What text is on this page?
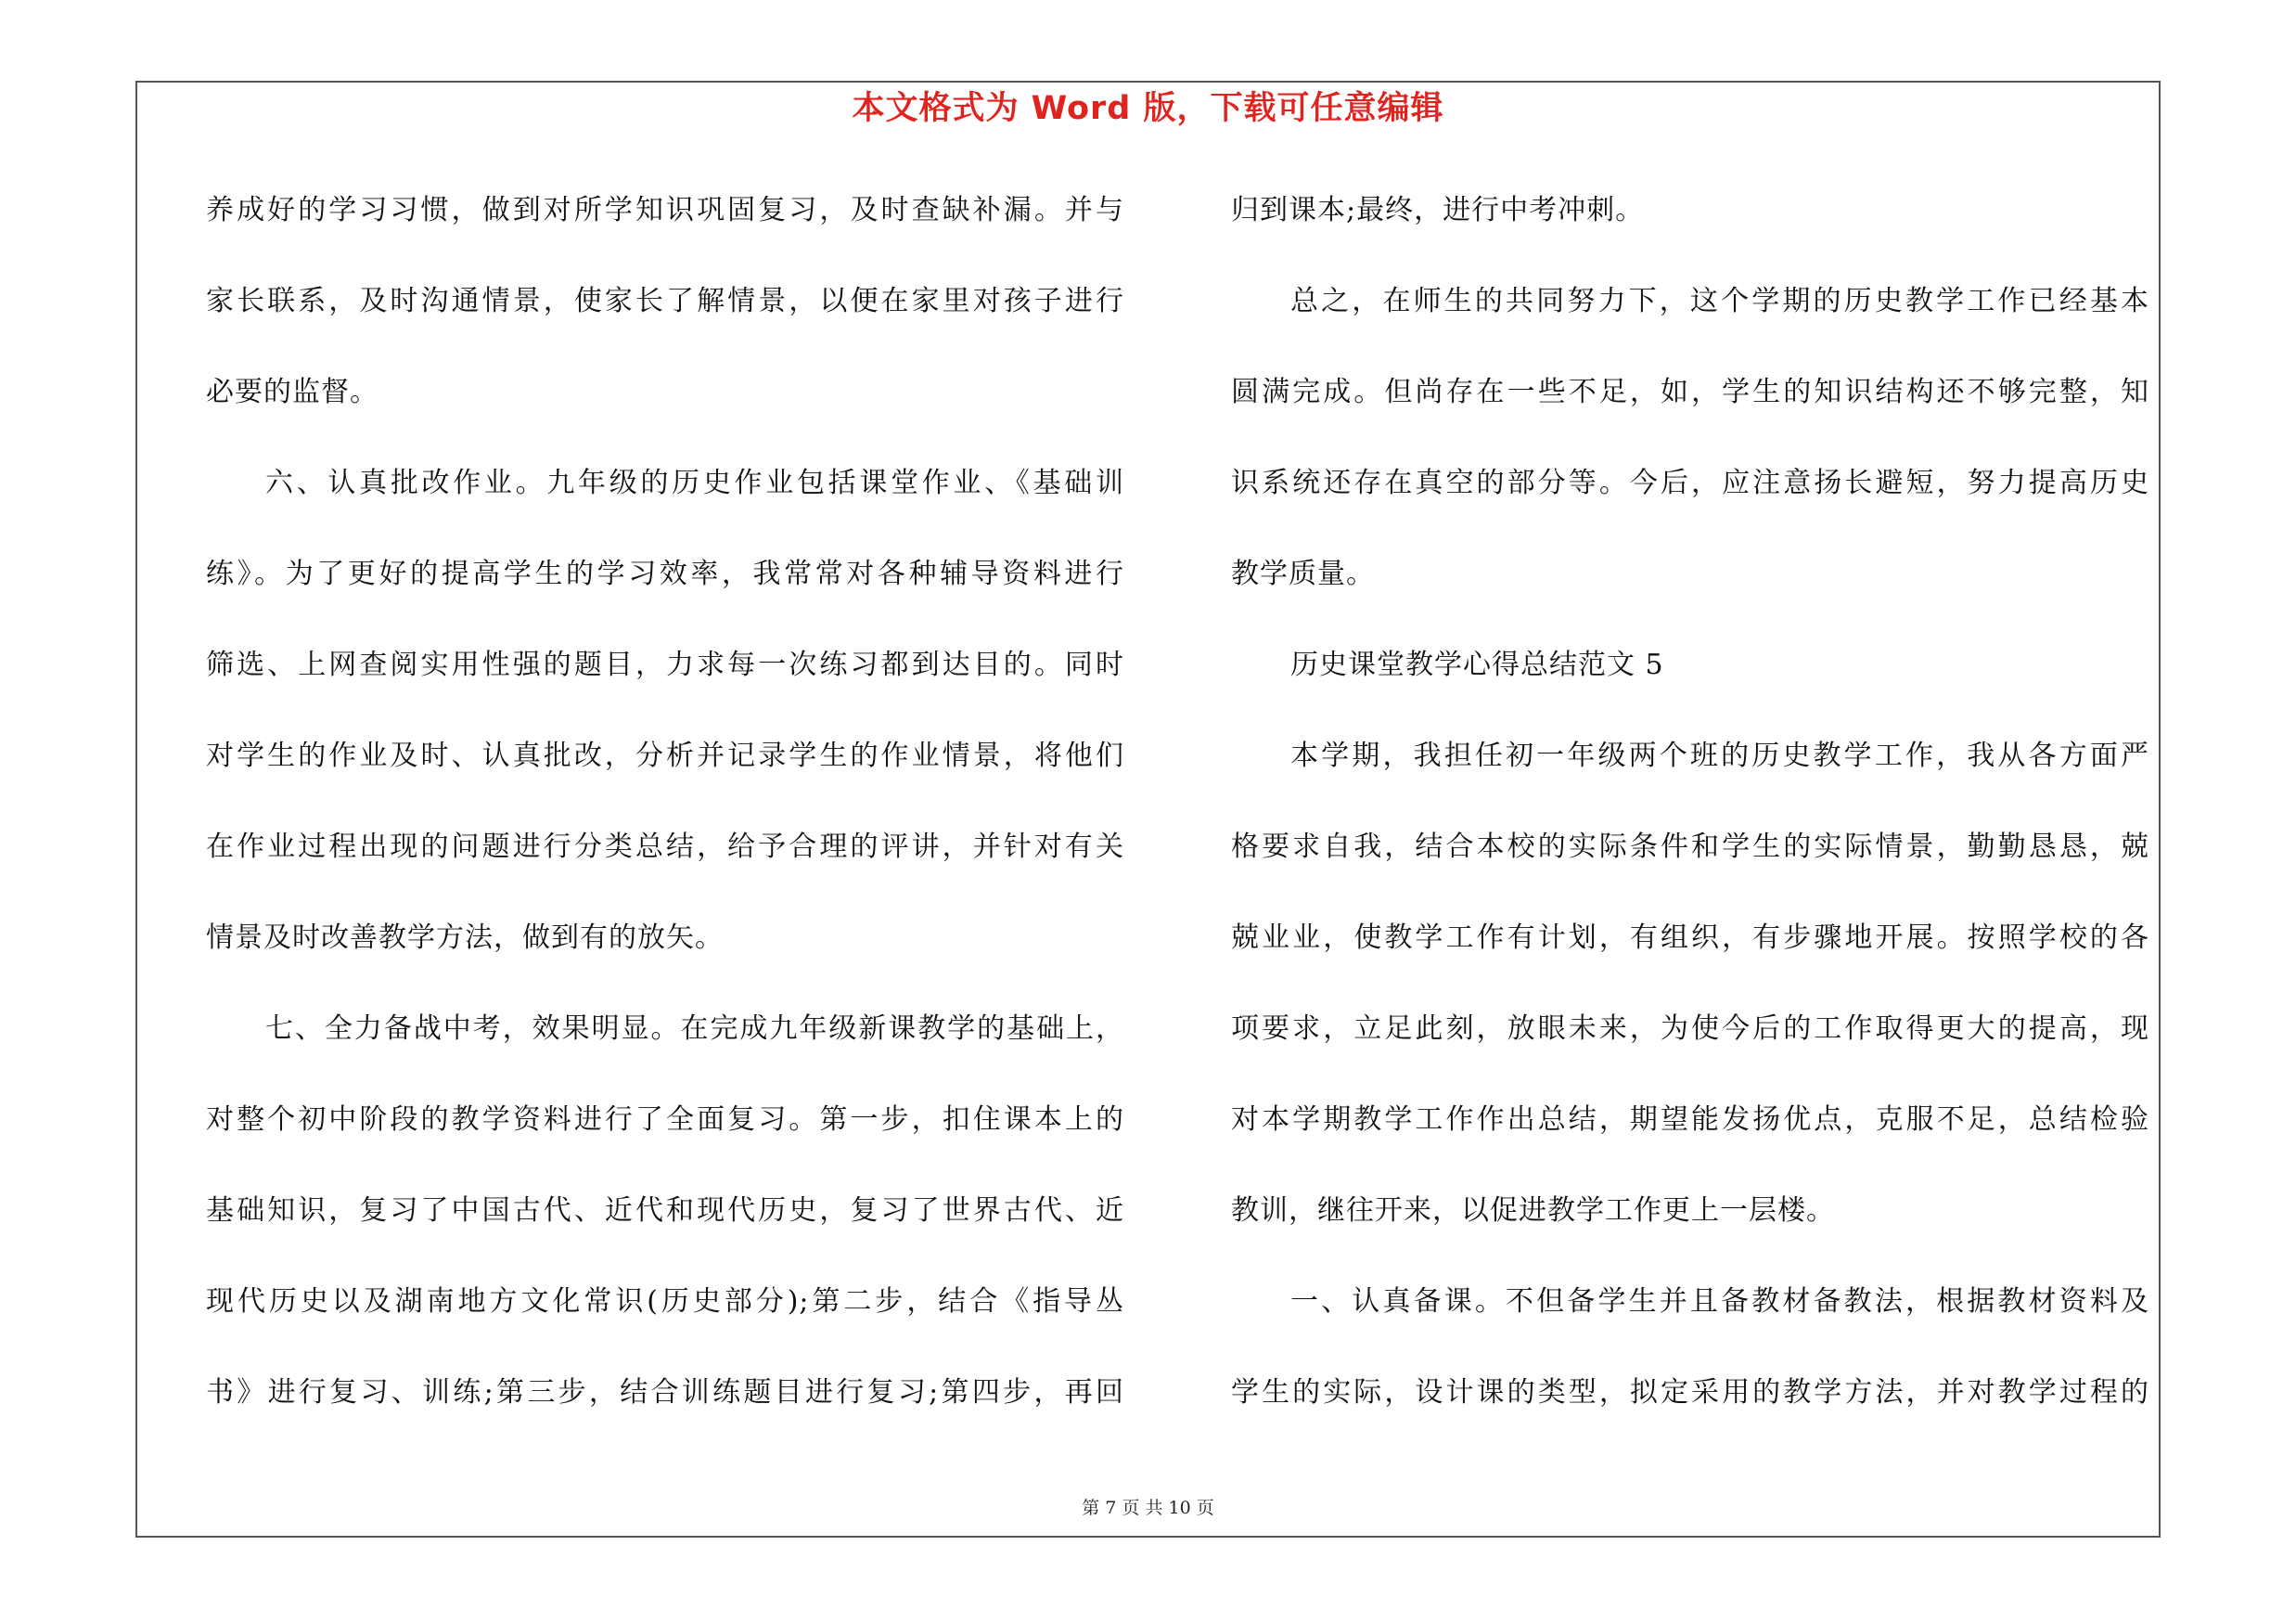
本文格式为 Word 版，下载可任意编辑
养成好的学习习惯，做到对所学知识巩固复习，及时查缺补漏。并与
家长联系，及时沟通情景，使家长了解情景，以便在家里对孩子进行
必要的监督。
六、认真批改作业。九年级的历史作业包括课堂作业、《基础训
练》。为了更好的提高学生的学习效率，我常常对各种辅导资料进行
筛选、上网查阅实用性强的题目，力求每一次练习都到达目的。同时
对学生的作业及时、认真批改，分析并记录学生的作业情景，将他们
在作业过程出现的问题进行分类总结，给予合理的评讲，并针对有关
情景及时改善教学方法，做到有的放矢。
七、全力备战中考，效果明显。在完成九年级新课教学的基础上，
对整个初中阶段的教学资料进行了全面复习。第一步，扣住课本上的
基础知识，复习了中国古代、近代和现代历史，复习了世界古代、近
现代历史以及湖南地方文化常识(历史部分);第二步，结合《指导丛
书》进行复习、训练;第三步，结合训练题目进行复习;第四步，再回
归到课本;最终，进行中考冲刺。
总之，在师生的共同努力下，这个学期的历史教学工作已经基本
圆满完成。但尚存在一些不足，如，学生的知识结构还不够完整，知
识系统还存在真空的部分等。今后，应注意扬长避短，努力提高历史
教学质量。
历史课堂教学心得总结范文 5
本学期，我担任初一年级两个班的历史教学工作，我从各方面严
格要求自我，结合本校的实际条件和学生的实际情景，勤勤恳恳，兢
兢业业，使教学工作有计划，有组织，有步骤地开展。按照学校的各
项要求，立足此刻，放眼未来，为使今后的工作取得更大的提高，现
对本学期教学工作作出总结，期望能发扬优点，克服不足，总结检验
教训，继往开来，以促进教学工作更上一层楼。
一、认真备课。不但备学生并且备教材备教法，根据教材资料及
学生的实际，设计课的类型，拟定采用的教学方法，并对教学过程的
第 7 页 共 10 页
